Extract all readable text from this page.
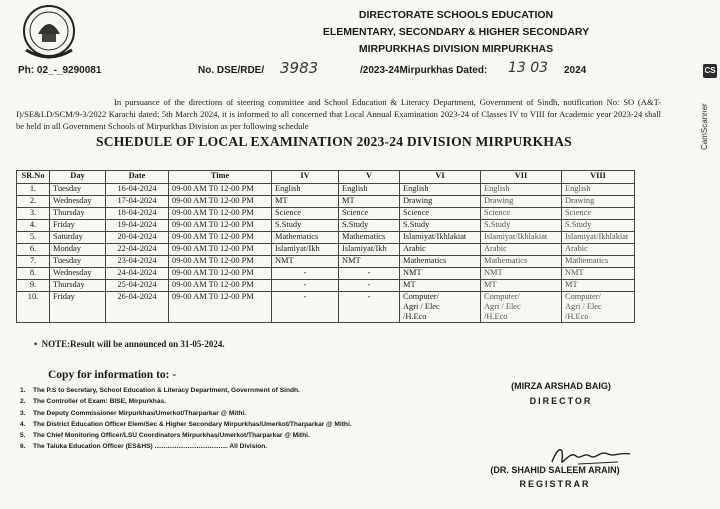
DIRECTORATE SCHOOLS EDUCATION
ELEMENTARY, SECONDARY & HIGHER SECONDARY
MIRPURKHAS DIVISION MIRPURKHAS
Ph: 02_-_9290081	No. DSE/RDE/ 3983	/2023-24Mirpurkhas Dated: 13 03 2024
In pursuance of the directions of steering committee and School Education & Literacy Department, Government of Sindh, notification No: SO (A&T-I)/SE&LD/SCM/9-3/2022 Karachi dated: 5th March 2024, it is informed to all concerned that Local Annual Examination 2023-24 of Classes IV to VIII for Academic year 2023-24 shall be held in all Government Schools of Mirpurkhas Division as per following schedule
SCHEDULE OF LOCAL EXAMINATION 2023-24 DIVISION MIRPURKHAS
SR.No	Day	Date	Time	IV	V	VI	VII	VIII
1.	Tuesday	16-04-2024	09-00 AM T0 12-00 PM	English	English	English	English	English
2.	Wednesday	17-04-2024	09-00 AM T0 12-00 PM	MT	MT	Drawing	Drawing	Drawing
3.	Thursday	18-04-2024	09-00 AM T0 12-00 PM	Science	Science	Science	Science	Science
4.	Friday	19-04-2024	09-00 AM T0 12-00 PM	S.Study	S.Study	S.Study	S.Study	S.Study
5.	Saturday	20-04-2024	09-00 AM T0 12-00 PM	Mathematics	Mathematics	Islamiyat/Ikhlakiat	Islamiyat/Ikhlakiat	Islamiyat/Ikhlakiat
6.	Monday	22-04-2024	09-00 AM T0 12-00 PM	Islamiyat/Ikh	Islamiyat/Ikh	Arabic	Arabic	Arabic
7.	Tuesday	23-04-2024	09-00 AM T0 12-00 PM	NMT	NMT	Mathematics	Mathematics	Mathematics
8.	Wednesday	24-04-2024	09-00 AM T0 12-00 PM	-	-	NMT	NMT	NMT
9.	Thursday	25-04-2024	09-00 AM T0 12-00 PM	-	-	MT	MT	MT
10.	Friday	26-04-2024	09-00 AM T0 12-00 PM	-	-	Computer/
Agri / Elec
/H.Eco	Computer/
Agri / Elec
/H.Eco	Computer/
Agri / Elec
/H.Eco
•  NOTE:Result will be announced on 31-05-2024.
Copy for information to: -
1. The P.S to Secretary, School Education & Literacy Department, Government of Sindh.
2. The Controller of Exam: BISE, Mirpurkhas.
3. The Deputy Commissioner Mirpurkhas/Umerkot/Tharparkar @ Mithi.
4. The District Education Officer Elem/Sec & Higher Secondary Mirpurkhas/Umerkot/Tharparkar @ Mithi.
5. The Chief Monitoring Officer/LSU Coordinators Mirpurkhas/Umerkot/Tharparkar @ Mithi.
6. The Taluka Education Officer (ES&HS) ........................................ All Division.
(MIRZA ARSHAD BAIG)
DIRECTOR
(DR. SHAHID SALEEM ARAIN)
REGISTRAR
CS
CamScanner
